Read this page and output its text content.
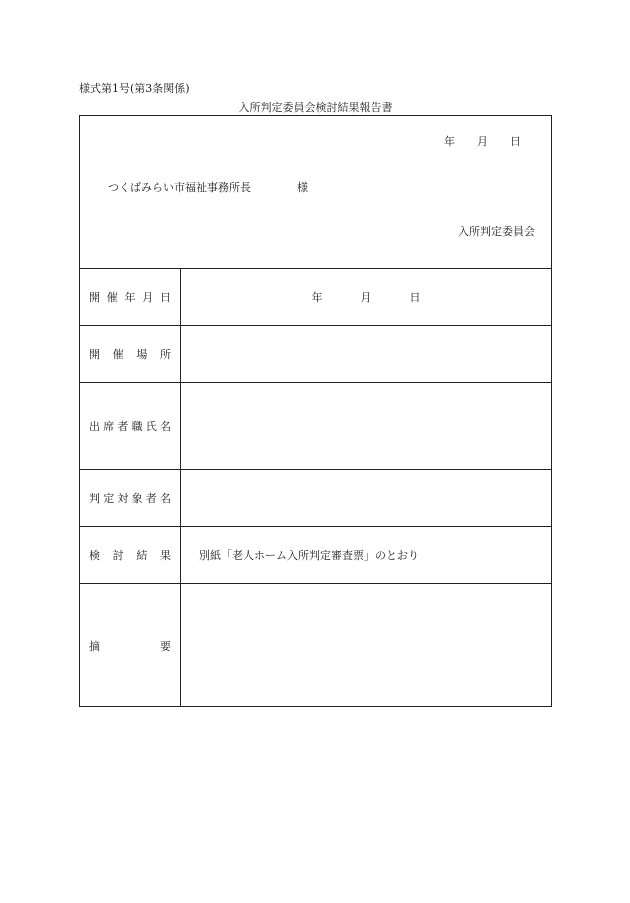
様式第1号(第3条関係)
入所判定委員会検討結果報告書
年 月 日
つくばみらい市福祉事務所長	様
入所判定委員会
開催年月日	年	月	日
開催場所
出席者職氏名
判定対象者名
検討結果	別紙「老人ホーム入所判定審査票」のとおり
摘要
